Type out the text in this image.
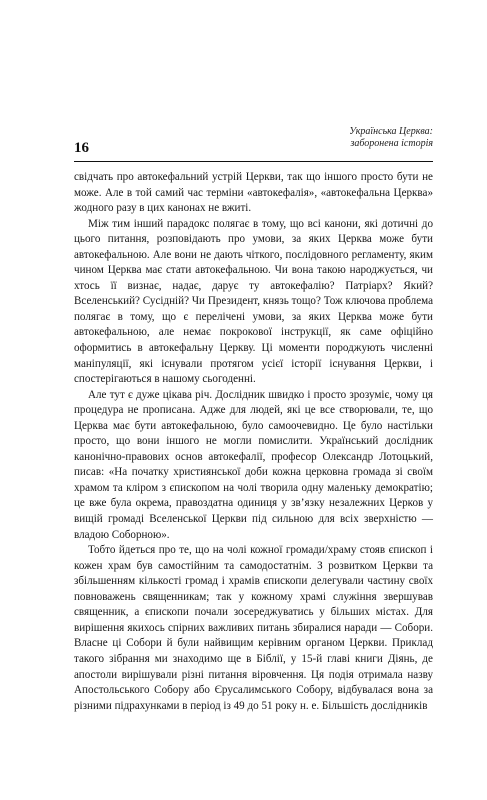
16
Українська Церква:
заборонена історія

свідчать про автокефальний устрій Церкви, так що іншого просто бути не може. Але в той самий час терміни «автокефалія», «автокефальна Церква» жодного разу в цих канонах не вжиті.

Між тим інший парадокс полягає в тому, що всі канони, які дотичні до цього питання, розповідають про умови, за яких Церква може бути автокефальною. Але вони не дають чіткого, послідовного регламенту, яким чином Церква має стати автокефальною. Чи вона такою народжується, чи хтось її визнає, надає, дарує ту автокефалію? Патріарх? Який? Вселенський? Сусідній? Чи Президент, князь тощо? Тож ключова проблема полягає в тому, що є перелічені умови, за яких Церква може бути автокефальною, але немає покрокової інструкції, як саме офіційно оформитись в автокефальну Церкву. Ці моменти породжують численні маніпуляції, які існували протягом усієї історії існування Церкви, і спостерігаються в нашому сьогоденні.

Але тут є дуже цікава річ. Дослідник швидко і просто зрозуміє, чому ця процедура не прописана. Адже для людей, які це все створювали, те, що Церква має бути автокефальною, було самоочевидно. Це було настільки просто, що вони іншого не могли помислити. Український дослідник канонічно-правових основ автокефалії, професор Олександр Лотоцький, писав: «На початку християнської доби кожна церковна громада зі своїм храмом та кліром з єпископом на чолі творила одну маленьку демократію; це вже була окрема, правоздатна одиниця у зв’язку незалежних Церков у вищій громаді Вселенської Церкви під сильною для всіх зверхністю — владою Соборною».

Тобто йдеться про те, що на чолі кожної громади/храму стояв єпископ і кожен храм був самостійним та самодостатнім. З розвитком Церкви та збільшенням кількості громад і храмів єпископи делегували частину своїх повноважень священникам; так у кожному храмі служіння звершував священник, а єпископи почали зосереджуватись у більших містах. Для вирішення якихось спірних важливих питань збиралися наради — Собори. Власне ці Собори й були найвищим керівним органом Церкви. Приклад такого зібрання ми знаходимо ще в Біблії, у 15-й главі книги Діянь, де апостоли вирішували різні питання віровчення. Ця подія отримала назву Апостольського Собору або Єрусалимського Собору, відбувалася вона за різними підрахунками в період із 49 до 51 року н. е. Більшість дослідників
